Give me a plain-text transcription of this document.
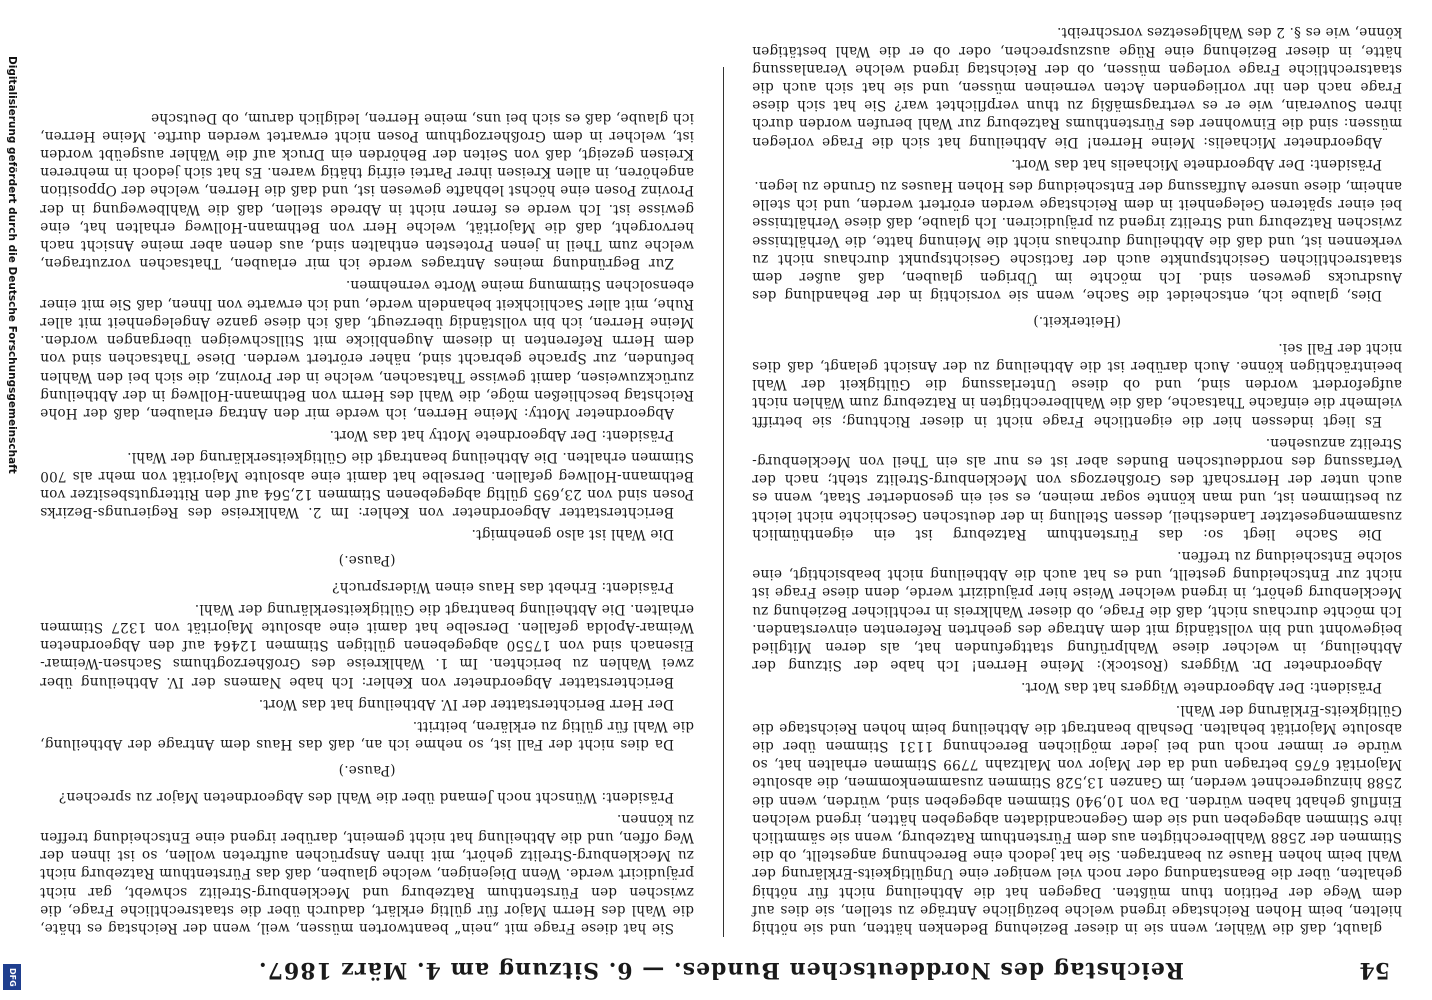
54
Reichstag des Norddeutschen Bundes. — 6. Sitzung am 4. März 1867.

glaubt, daß die Wähler, wenn sie in dieser Beziehung Bedenken hätten, und sie nöthig hielten, beim Hohen Reichstage irgend welche bezügliche Anträge zu stellen, sie dies auf dem Wege der Petition thun müßten. Dagegen hat die Abtheilung nicht für nöthig gehalten, über die Beanstandung oder noch viel weniger eine Ungültigkeits-Erklärung der Wahl beim hohen Hause zu beantragen. Sie hat jedoch eine Berechnung angestellt, ob die Stimmen der 2588 Wahlberechtigten aus dem Fürstenthum Ratzeburg, wenn sie sämmtlich ihre Stimmen abgegeben und sie dem Gegencandidaten abgegeben hätten, irgend welchen Einfluß gehabt haben würden. Da von 10,940 Stimmen abgegeben sind, würden, wenn die 2588 hinzugerechnet werden, im Ganzen 13,528 Stimmen zusammenkommen, die absolute Majorität 6765 betragen und da der Major von Maltzahn 7799 Stimmen erhalten hat, so würde er immer noch und bei jeder möglichen Berechnung 1131 Stimmen über die absolute Majorität behalten. Deshalb beantragt die Abtheilung beim hohen Reichstage die Gültigkeits-Erklärung der Wahl.

Präsident: Der Abgeordnete Wiggers hat das Wort.

Abgeordneter Dr. Wiggers (Rostock): Meine Herren! Ich habe der Sitzung der Abtheilung, in welcher diese Wahlprüfung stattgefunden hat, als deren Mitglied beigewohnt und bin vollständig mit dem Antrage des geehrten Referenten einverstanden. Ich möchte durchaus nicht, daß die Frage, ob dieser Wahlkreis in rechtlicher Beziehung zu Mecklenburg gehört, in irgend welcher Weise hier präjudizirt werde, denn diese Frage ist nicht zur Entscheidung gestellt, und es hat auch die Abtheilung nicht beabsichtigt, eine solche Entscheidung zu treffen.

Die Sache liegt so: das Fürstenthum Ratzeburg ist ein eigenthümlich zusammengesetzter Landestheil, dessen Stellung in der deutschen Geschichte nicht leicht zu bestimmen ist, und man könnte sogar meinen, es sei ein gesonderter Staat, wenn es auch unter der Herrschaft des Großherzogs von Mecklenburg-Strelitz steht; nach der Verfassung des norddeutschen Bundes aber ist es nur als ein Theil von Mecklenburg-Strelitz anzusehen.

Es liegt indessen hier die eigentliche Frage nicht in dieser Richtung; sie betrifft vielmehr die einfache Thatsache, daß die Wahlberechtigten in Ratzeburg zum Wählen nicht aufgefordert worden sind, und ob diese Unterlassung die Gültigkeit der Wahl beeinträchtigen könne. Auch darüber ist die Abtheilung zu der Ansicht gelangt, daß dies nicht der Fall sei.

(Heiterkeit.)

Dies, glaube ich, entscheidet die Sache, wenn sie vorsichtig in der Behandlung des Ausdrucks gewesen sind. Ich möchte im Übrigen glauben, daß außer dem staatsrechtlichen Gesichtspunkte auch der factische Gesichtspunkt durchaus nicht zu verkennen ist, und daß die Abtheilung durchaus nicht die Meinung hatte, die Verhältnisse zwischen Ratzeburg und Strelitz irgend zu präjudiciren. Ich glaube, daß diese Verhältnisse bei einer späteren Gelegenheit in dem Reichstage werden erörtert werden, und ich stelle anheim, diese unsere Auffassung der Entscheidung des Hohen Hauses zu Grunde zu legen.

Präsident: Der Abgeordnete Michaelis hat das Wort.

Abgeordneter Michaelis: Meine Herren! Die Abtheilung hat sich die Frage vorlegen müssen: sind die Einwohner des Fürstenthums Ratzeburg zur Wahl berufen worden durch ihren Souverain, wie er es vertragsmäßig zu thun verpflichtet war? Sie hat sich diese Frage nach den ihr vorliegenden Acten verneinen müssen, und sie hat sich auch die staatsrechtliche Frage vorlegen müssen, ob der Reichstag irgend welche Veranlassung hätte, in dieser Beziehung eine Rüge auszusprechen, oder ob er die Wahl bestätigen könne, wie es §. 2 des Wahlgesetzes vorschreibt.

Sie hat diese Frage mit „nein“ beantworten müssen, weil, wenn der Reichstag es thäte, die Wahl des Herrn Major für gültig erklärt, dadurch über die staatsrechtliche Frage, die zwischen den Fürstenthum Ratzeburg und Mecklenburg-Strelitz schwebt, gar nicht präjudicirt werde. Wenn Diejenigen, welche glauben, daß das Fürstenthum Ratzeburg nicht zu Mecklenburg-Strelitz gehört, mit ihren Ansprüchen auftreten wollen, so ist ihnen der Weg offen, und die Abtheilung hat nicht gemeint, darüber irgend eine Entscheidung treffen zu können.

Präsident: Wünscht noch Jemand über die Wahl des Abgeordneten Major zu sprechen?

(Pause.)

Da dies nicht der Fall ist, so nehme ich an, daß das Haus dem Antrage der Abtheilung, die Wahl für gültig zu erklären, beitritt.

Der Herr Berichterstatter der IV. Abtheilung hat das Wort.

Berichterstatter Abgeordneter von Kehler: Ich habe Namens der IV. Abtheilung über zwei Wahlen zu berichten. Im 1. Wahlkreise des Großherzogthums Sachsen-Weimar-Eisenach sind von 17550 abgegebenen gültigen Stimmen 12464 auf den Abgeordneten Weimar-Apolda gefallen. Derselbe hat damit eine absolute Majorität von 1327 Stimmen erhalten. Die Abtheilung beantragt die Gültigkeitserklärung der Wahl.

Präsident: Erhebt das Haus einen Widerspruch?

(Pause.)

Die Wahl ist also genehmigt.

Berichterstatter Abgeordneter von Kehler: Im 2. Wahlkreise des Regierungs-Bezirks Posen sind von 23,695 gültig abgegebenen Stimmen 12,564 auf den Rittergutsbesitzer von Bethmann-Hollweg gefallen. Derselbe hat damit eine absolute Majorität von mehr als 700 Stimmen erhalten. Die Abtheilung beantragt die Gültigkeitserklärung der Wahl.

Präsident: Der Abgeordnete Motty hat das Wort.

Abgeordneter Motty: Meine Herren, ich werde mir den Antrag erlauben, daß der Hohe Reichstag beschließen möge, die Wahl des Herrn von Bethmann-Hollweg in der Abtheilung zurückzuweisen, damit gewisse Thatsachen, welche in der Provinz, die sich bei den Wahlen befunden, zur Sprache gebracht sind, näher erörtert werden. Diese Thatsachen sind von dem Herrn Referenten in diesem Augenblicke mit Stillschweigen übergangen worden. Meine Herren, ich bin vollständig überzeugt, daß ich diese ganze Angelegenheit mit aller Ruhe, mit aller Sachlichkeit behandeln werde, und ich erwarte von Ihnen, daß Sie mit einer ebensolchen Stimmung meine Worte vernehmen.

Zur Begründung meines Antrages werde ich mir erlauben, Thatsachen vorzutragen, welche zum Theil in jenen Protesten enthalten sind, aus denen aber meine Ansicht nach hervorgeht, daß die Majorität, welche Herr von Bethmann-Hollweg erhalten hat, eine gewisse ist. Ich werde es ferner nicht in Abrede stellen, daß die Wahlbewegung in der Provinz Posen eine höchst lebhafte gewesen ist, und daß die Herren, welche der Opposition angehören, in allen Kreisen ihrer Partei eifrig thätig waren. Es hat sich jedoch in mehreren Kreisen gezeigt, daß von Seiten der Behörden ein Druck auf die Wähler ausgeübt worden ist, welcher in dem Großherzogthum Posen nicht erwartet werden durfte. Meine Herren, ich glaube, daß es sich bei uns, meine Herren, lediglich darum, ob Deutsche

Digitalisierung gefördert durch die Deutsche Forschungsgemeinschaft
DFG
